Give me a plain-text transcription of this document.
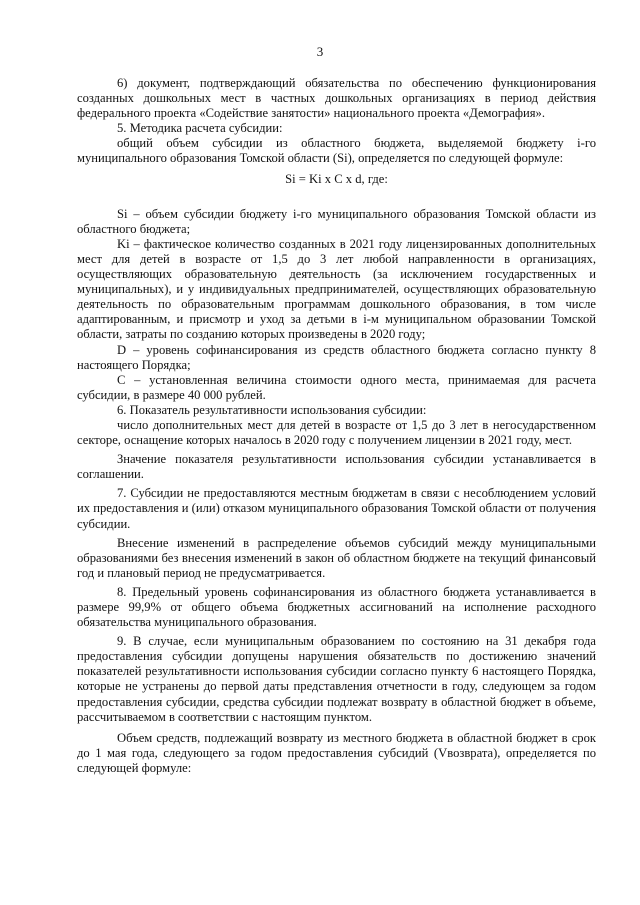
3

6) документ, подтверждающий обязательства по обеспечению функционирования созданных дошкольных мест в частных дошкольных организациях в период действия федерального проекта «Содействие занятости» национального проекта «Демография».

5. Методика расчета субсидии:

общий объем субсидии из областного бюджета, выделяемой бюджету i-го муниципального образования Томской области (Si), определяется по следующей формуле:

Si = Ki x C x d, где:

Si – объем субсидии бюджету i-го муниципального образования Томской области из областного бюджета;

Ki – фактическое количество созданных в 2021 году лицензированных дополнительных мест для детей в возрасте от 1,5 до 3 лет любой направленности в организациях, осуществляющих образовательную деятельность (за исключением государственных и муниципальных), и у индивидуальных предпринимателей, осуществляющих образовательную деятельность по образовательным программам дошкольного образования, в том числе адаптированным, и присмотр и уход за детьми в i-м муниципальном образовании Томской области, затраты по созданию которых произведены в 2020 году;

D – уровень софинансирования из средств областного бюджета согласно пункту 8 настоящего Порядка;

C – установленная величина стоимости одного места, принимаемая для расчета субсидии, в размере 40 000 рублей.

6. Показатель результативности использования субсидии:

число дополнительных мест для детей в возрасте от 1,5 до 3 лет в негосударственном секторе, оснащение которых началось в 2020 году с получением лицензии в 2021 году, мест.

Значение показателя результативности использования субсидии устанавливается в соглашении.

7. Субсидии не предоставляются местным бюджетам в связи с несоблюдением условий их предоставления и (или) отказом муниципального образования Томской области от получения субсидии.

Внесение изменений в распределение объемов субсидий между муниципальными образованиями без внесения изменений в закон об областном бюджете на текущий финансовый год и плановый период не предусматривается.

8. Предельный уровень софинансирования из областного бюджета устанавливается в размере 99,9% от общего объема бюджетных ассигнований на исполнение расходного обязательства муниципального образования.

9. В случае, если муниципальным образованием по состоянию на 31 декабря года предоставления субсидии допущены нарушения обязательств по достижению значений показателей результативности использования субсидии согласно пункту 6 настоящего Порядка, которые не устранены до первой даты представления отчетности в году, следующем за годом предоставления субсидии, средства субсидии подлежат возврату в областной бюджет в объеме, рассчитываемом в соответствии с настоящим пунктом.

Объем средств, подлежащий возврату из местного бюджета в областной бюджет в срок до 1 мая года, следующего за годом предоставления субсидий (Vвозврата), определяется по следующей формуле:
